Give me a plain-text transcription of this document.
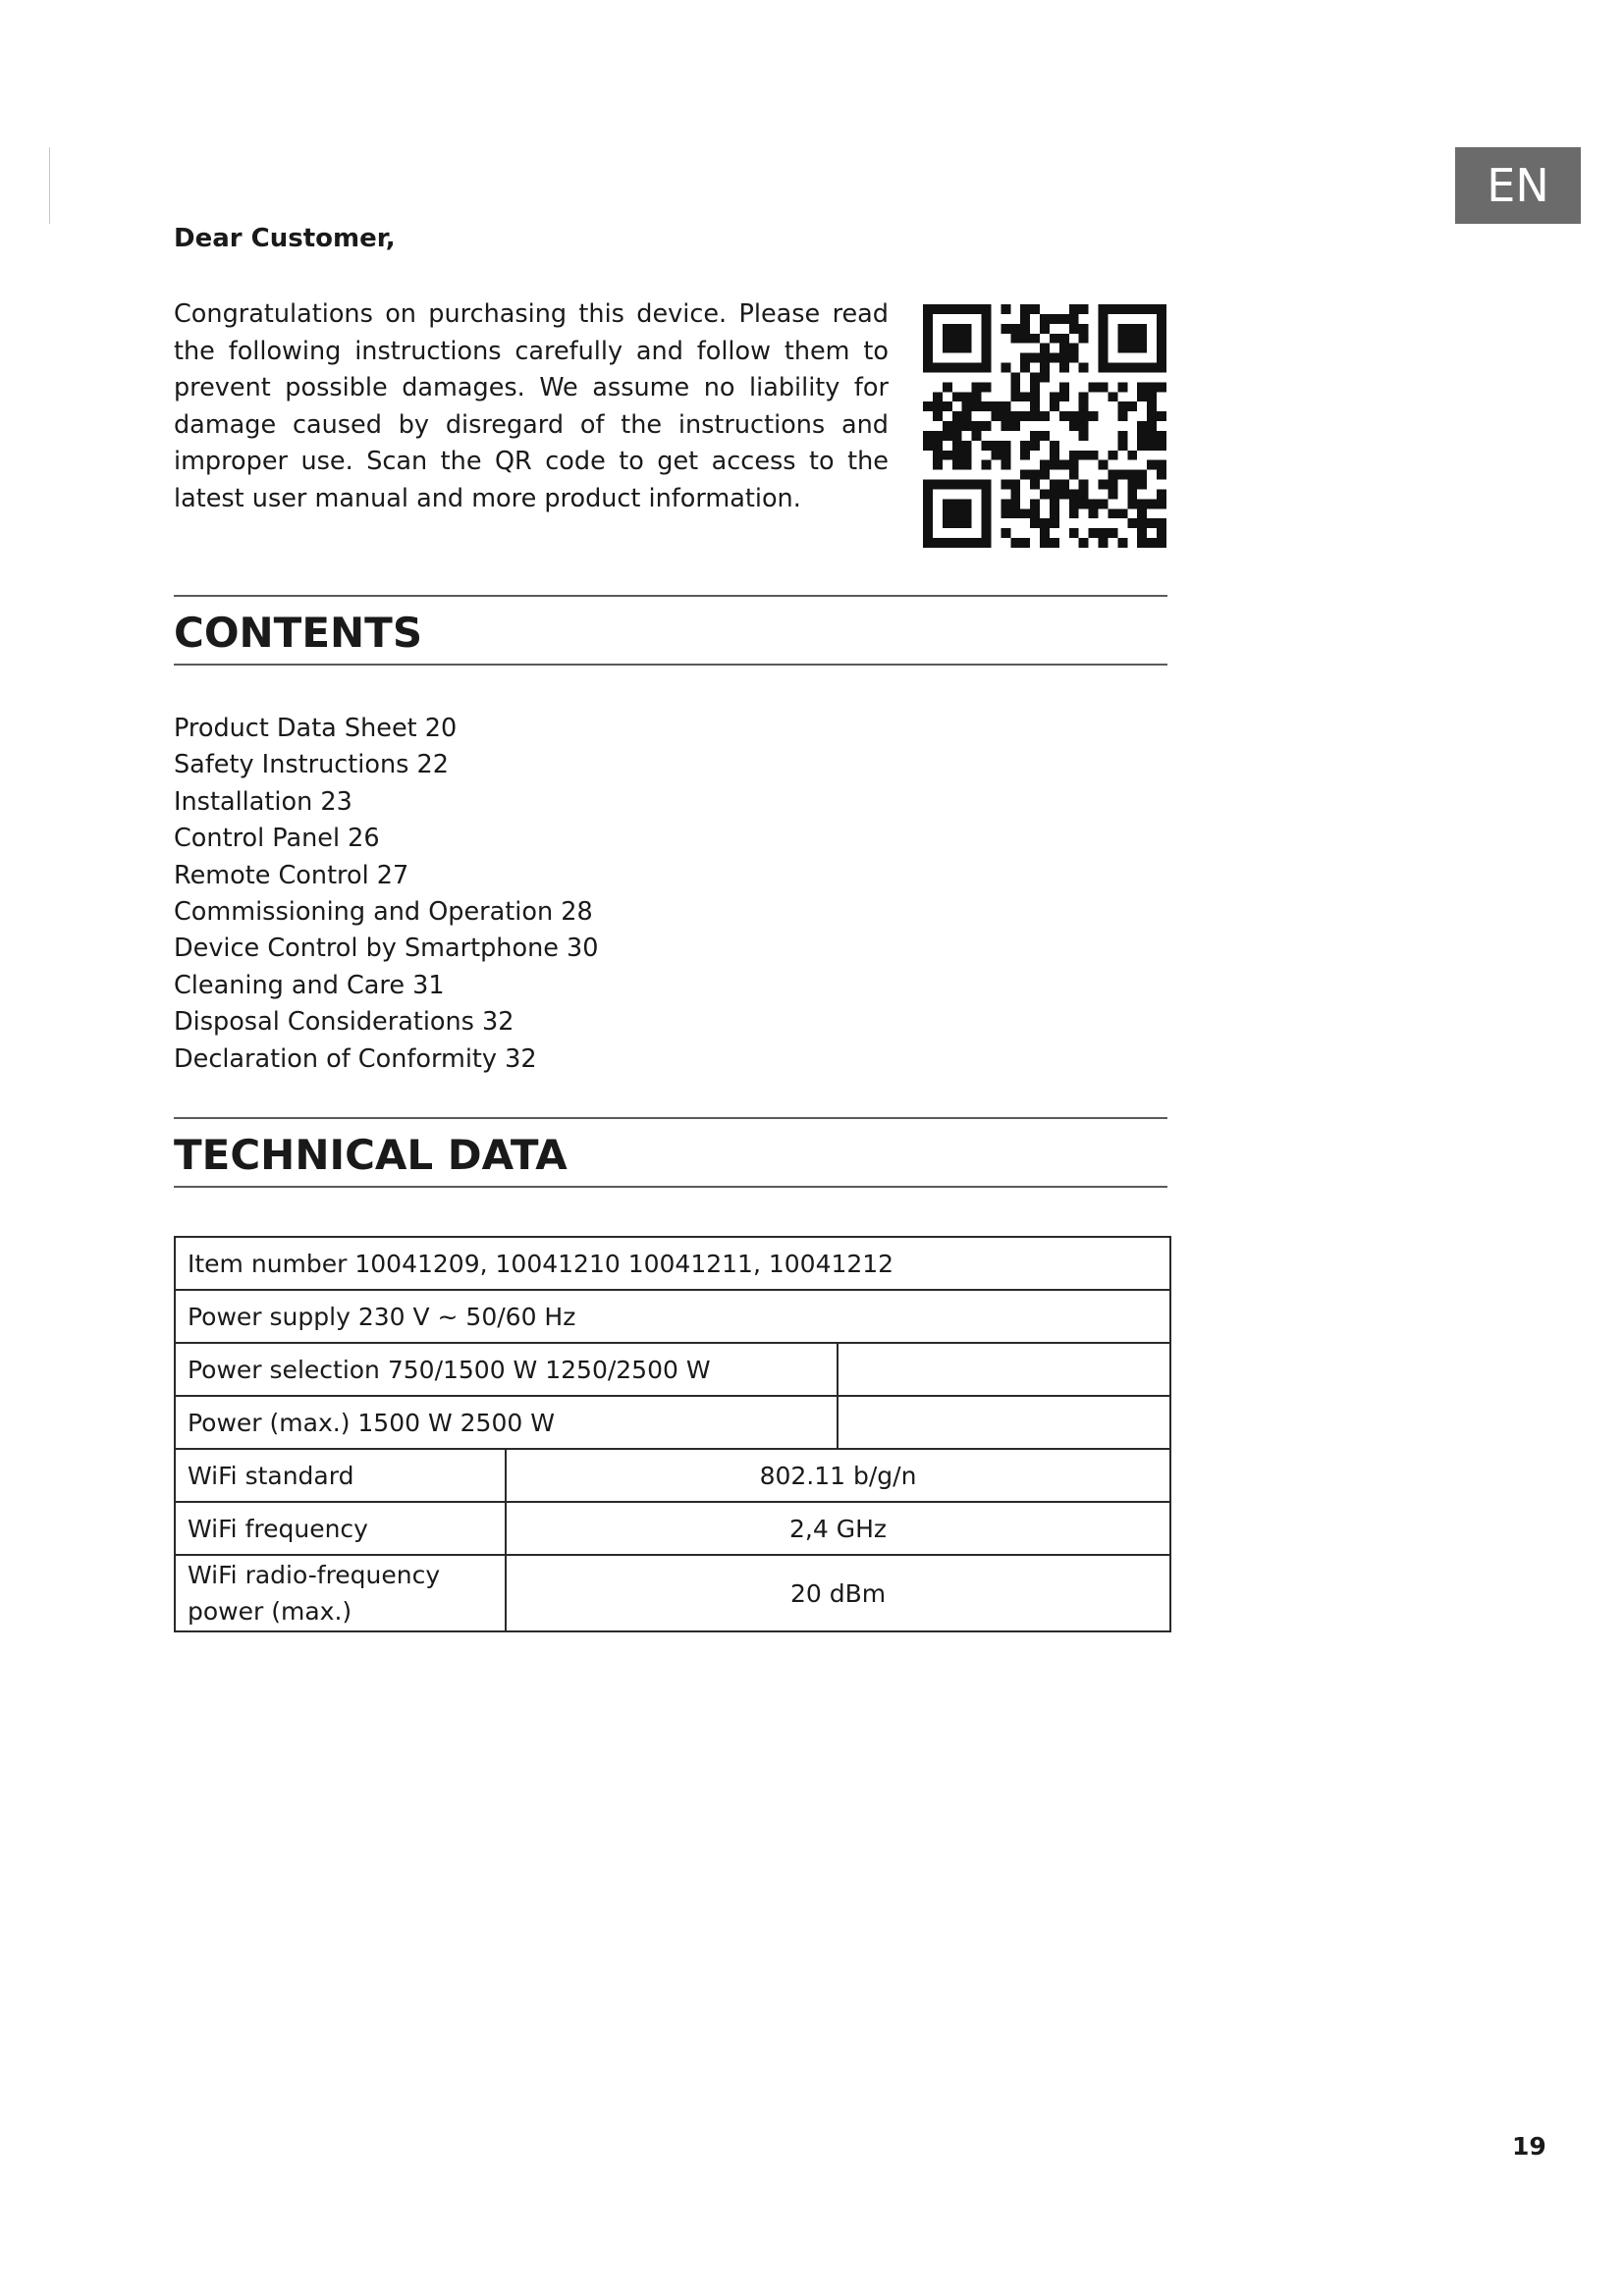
EN
Dear Customer,

Congratulations on purchasing this device. Please read the following instructions carefully and follow them to prevent possible damages. We assume no liability for damage caused by disregard of the instructions and improper use. Scan the QR code to get access to the latest user manual and more product information.

CONTENTS
Product Data Sheet 20
Safety Instructions 22
Installation 23
Control Panel 26
Remote Control 27
Commissioning and Operation 28
Device Control by Smartphone 30
Cleaning and Care 31
Disposal Considerations 32
Declaration of Conformity 32
TECHNICAL DATA
Item number 10041209, 10041210 10041211, 10041212		
Power supply 230 V ~ 50/60 Hz		
Power selection 750/1500 W 1250/2500 W		
Power (max.) 1500 W 2500 W		
WiFi standard	802.11 b/g/n	
WiFi frequency	2,4 GHz	
WiFi radio-frequency power (max.)	20 dBm	
19
